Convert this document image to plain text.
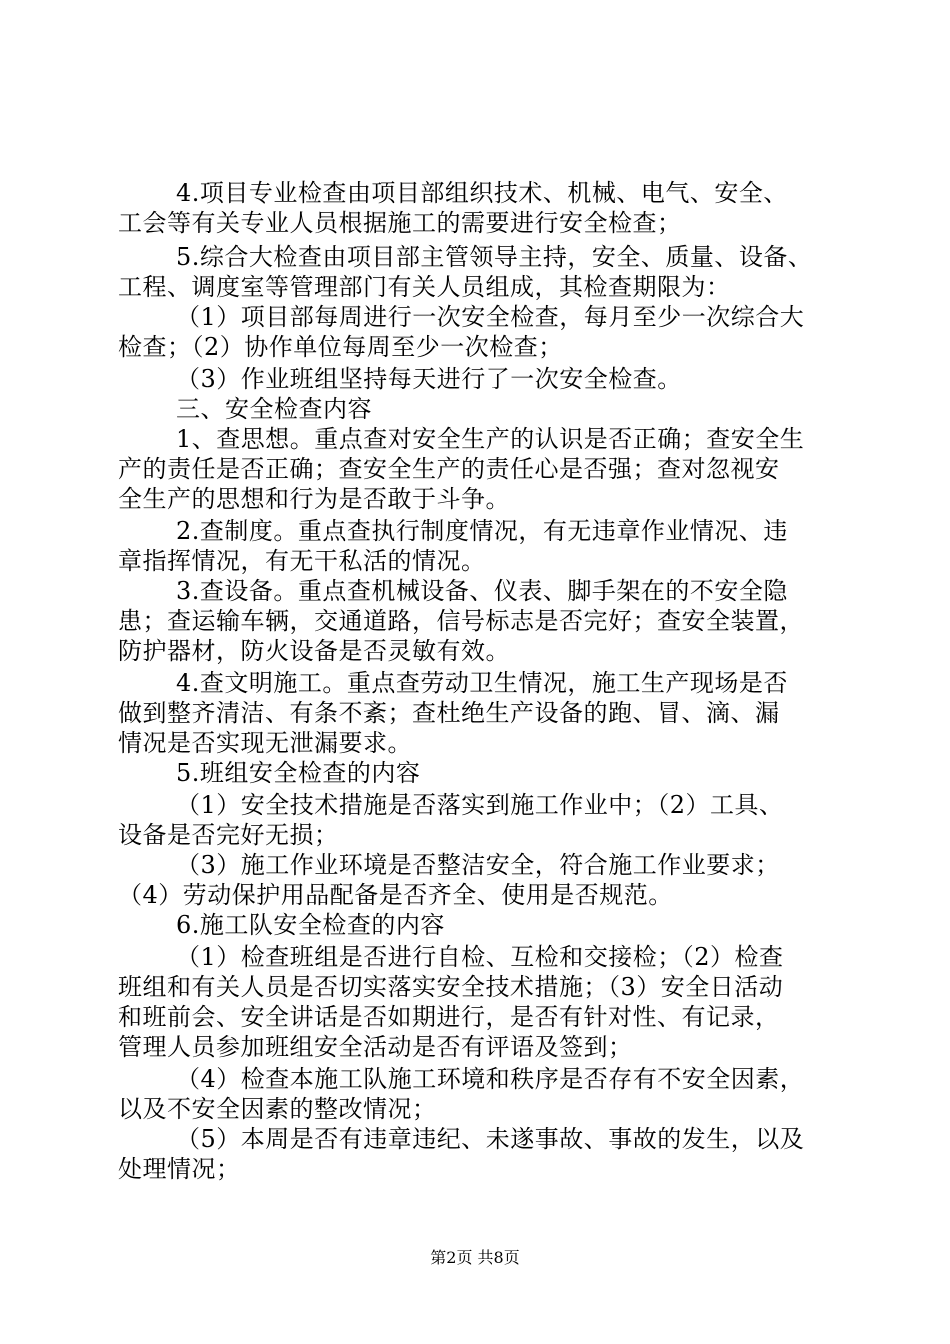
4.项目专业检查由项目部组织技术、机械、电气、安全、
工会等有关专业人员根据施工的需要进行安全检查；
5.综合大检查由项目部主管领导主持，安全、质量、设备、
工程、调度室等管理部门有关人员组成，其检查期限为：
（1）项目部每周进行一次安全检查，每月至少一次综合大
检查；（2）协作单位每周至少一次检查；
（3）作业班组坚持每天进行了一次安全检查。
三、安全检查内容
1、查思想。重点查对安全生产的认识是否正确；查安全生
产的责任是否正确；查安全生产的责任心是否强；查对忽视安
全生产的思想和行为是否敢于斗争。
2.查制度。重点查执行制度情况，有无违章作业情况、违
章指挥情况，有无干私活的情况。
3.查设备。重点查机械设备、仪表、脚手架在的不安全隐
患；查运输车辆，交通道路，信号标志是否完好；查安全装置，
防护器材，防火设备是否灵敏有效。
4.查文明施工。重点查劳动卫生情况，施工生产现场是否
做到整齐清洁、有条不紊；查杜绝生产设备的跑、冒、滴、漏
情况是否实现无泄漏要求。
5.班组安全检查的内容
（1）安全技术措施是否落实到施工作业中；（2）工具、
设备是否完好无损；
（3）施工作业环境是否整洁安全，符合施工作业要求；
（4）劳动保护用品配备是否齐全、使用是否规范。
6.施工队安全检查的内容
（1）检查班组是否进行自检、互检和交接检；（2）检查
班组和有关人员是否切实落实安全技术措施；（3）安全日活动
和班前会、安全讲话是否如期进行，是否有针对性、有记录，
管理人员参加班组安全活动是否有评语及签到；
（4）检查本施工队施工环境和秩序是否存有不安全因素，
以及不安全因素的整改情况；
（5）本周是否有违章违纪、未遂事故、事故的发生，以及
处理情况；
第2页 共8页
